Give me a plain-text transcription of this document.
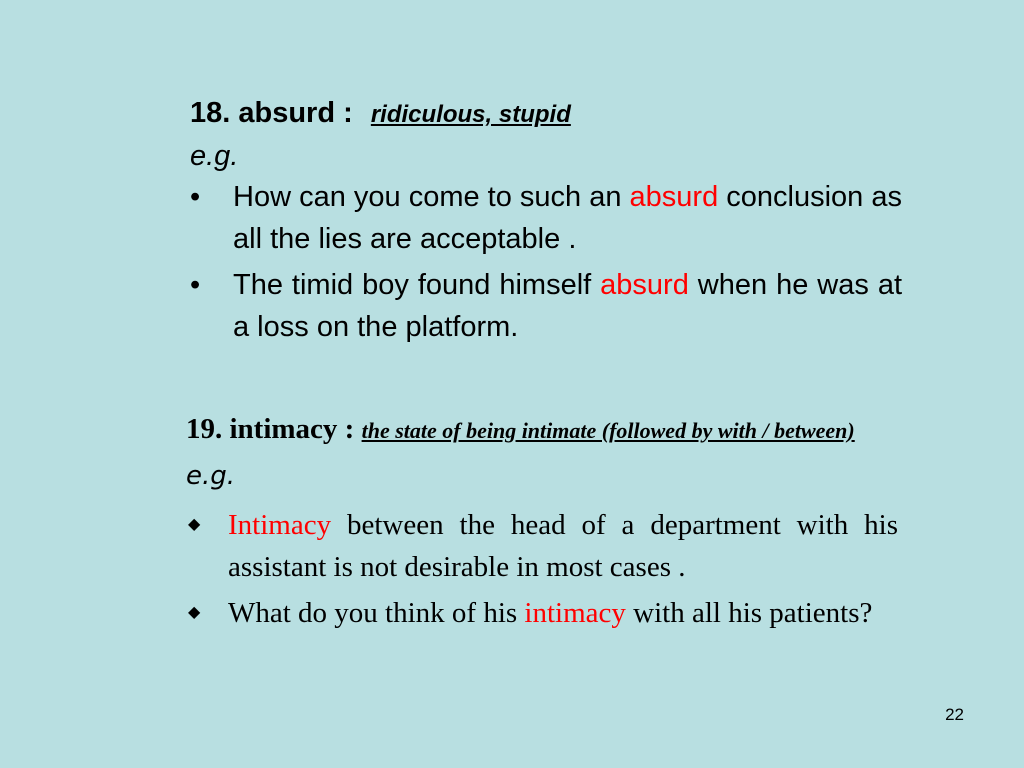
18. absurd : ridiculous, stupid
e.g.
•	How can you come to such an absurd conclusion as all the lies are acceptable .
•	The timid boy found himself absurd when he was at a loss on the platform.
19. intimacy : the state of being intimate (followed by with / between)
e.g.
◆ Intimacy between the head of a department with his assistant is not desirable in most cases .
◆ What do you think of his intimacy with all his patients?
22
